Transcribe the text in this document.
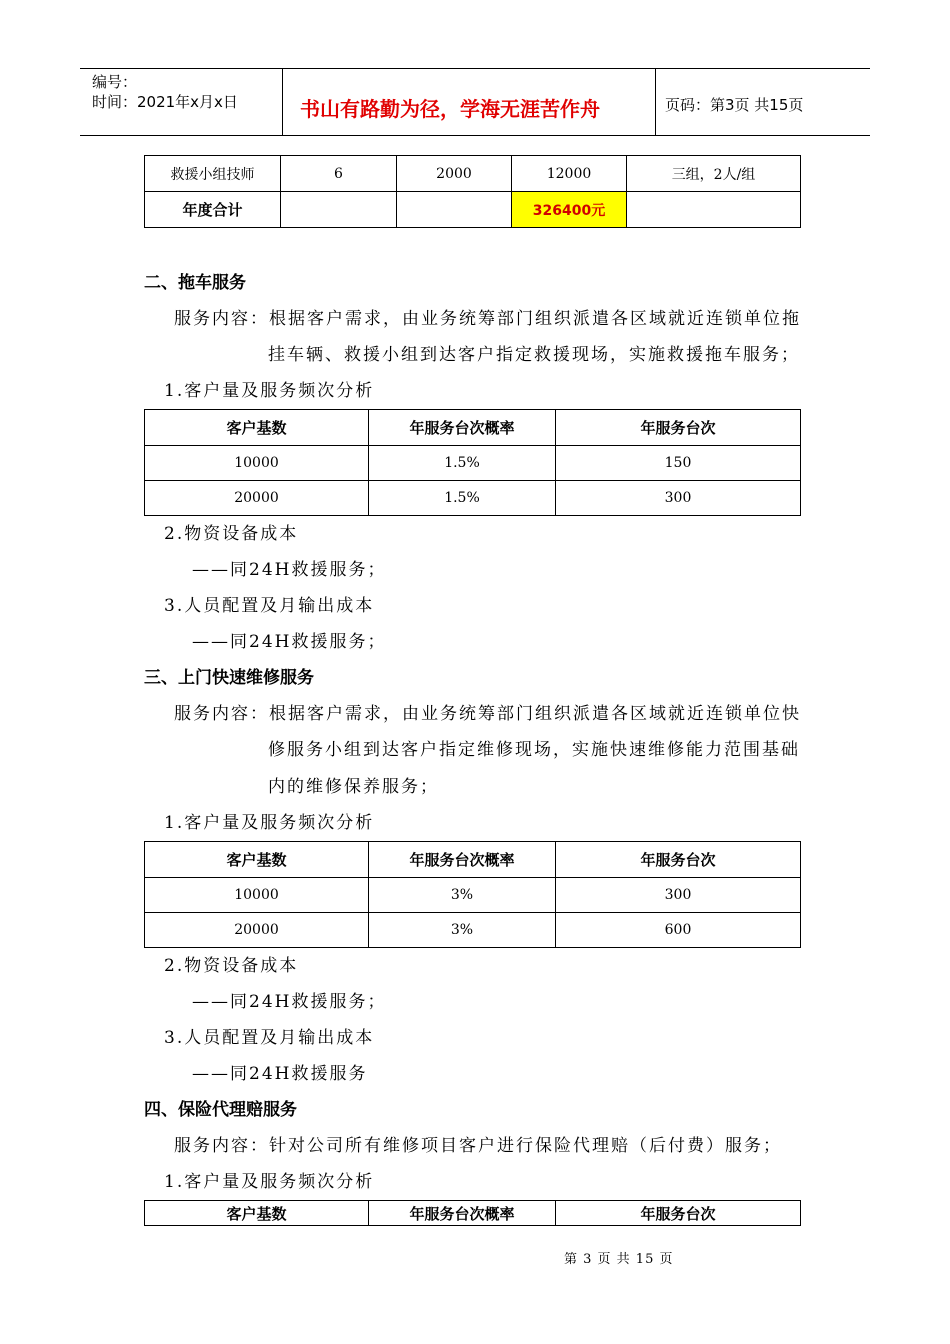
编号：
时间：2021年x月x日	书山有路勤为径，学海无涯苦作舟	页码：第3页 共15页
救援小组技师	6	2000	12000	三组，2人/组
年度合计			326400元	
二、拖车服务
服务内容：根据客户需求，由业务统筹部门组织派遣各区域就近连锁单位拖
挂车辆、救援小组到达客户指定救援现场，实施救援拖车服务；
1.客户量及服务频次分析
客户基数	年服务台次概率	年服务台次
10000	1.5%	150
20000	1.5%	300
2.物资设备成本
——同24H救援服务；
3.人员配置及月输出成本
——同24H救援服务；
三、上门快速维修服务
服务内容：根据客户需求，由业务统筹部门组织派遣各区域就近连锁单位快
修服务小组到达客户指定维修现场，实施快速维修能力范围基础
内的维修保养服务；
1.客户量及服务频次分析
客户基数	年服务台次概率	年服务台次
10000	3%	300
20000	3%	600
2.物资设备成本
——同24H救援服务；
3.人员配置及月输出成本
——同24H救援服务
四、保险代理赔服务
服务内容：针对公司所有维修项目客户进行保险代理赔（后付费）服务；
1.客户量及服务频次分析
客户基数	年服务台次概率	年服务台次
第 3 页 共 15 页
